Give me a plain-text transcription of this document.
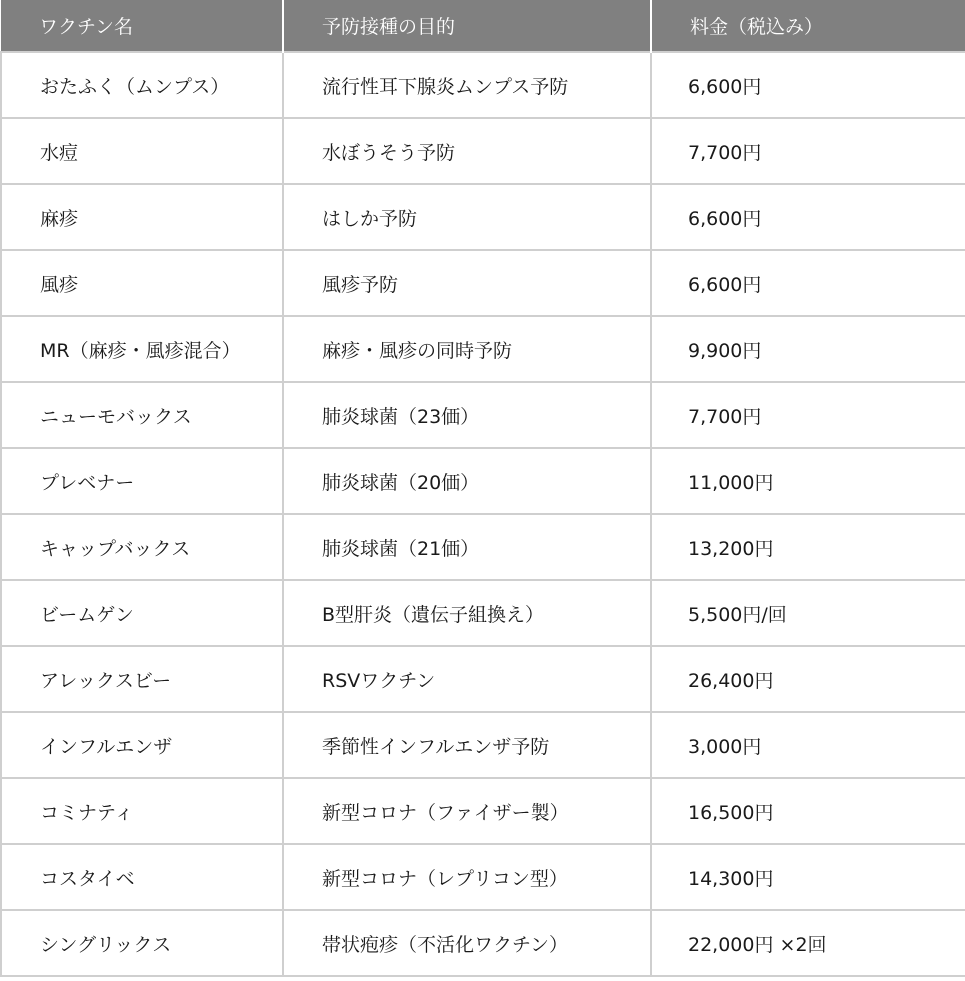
ワクチン名	予防接種の目的	料金（税込み）
おたふく（ムンプス）	流行性耳下腺炎ムンプス予防	6,600円
水痘	水ぼうそう予防	7,700円
麻疹	はしか予防	6,600円
風疹	風疹予防	6,600円
MR（麻疹・風疹混合）	麻疹・風疹の同時予防	9,900円
ニューモバックス	肺炎球菌（23価）	7,700円
プレベナー	肺炎球菌（20価）	11,000円
キャップバックス	肺炎球菌（21価）	13,200円
ビームゲン	B型肝炎（遺伝子組換え）	5,500円/回
アレックスビー	RSVワクチン	26,400円
インフルエンザ	季節性インフルエンザ予防	3,000円
コミナティ	新型コロナ（ファイザー製）	16,500円
コスタイベ	新型コロナ（レプリコン型）	14,300円
シングリックス	帯状疱疹（不活化ワクチン）	22,000円 ×2回
